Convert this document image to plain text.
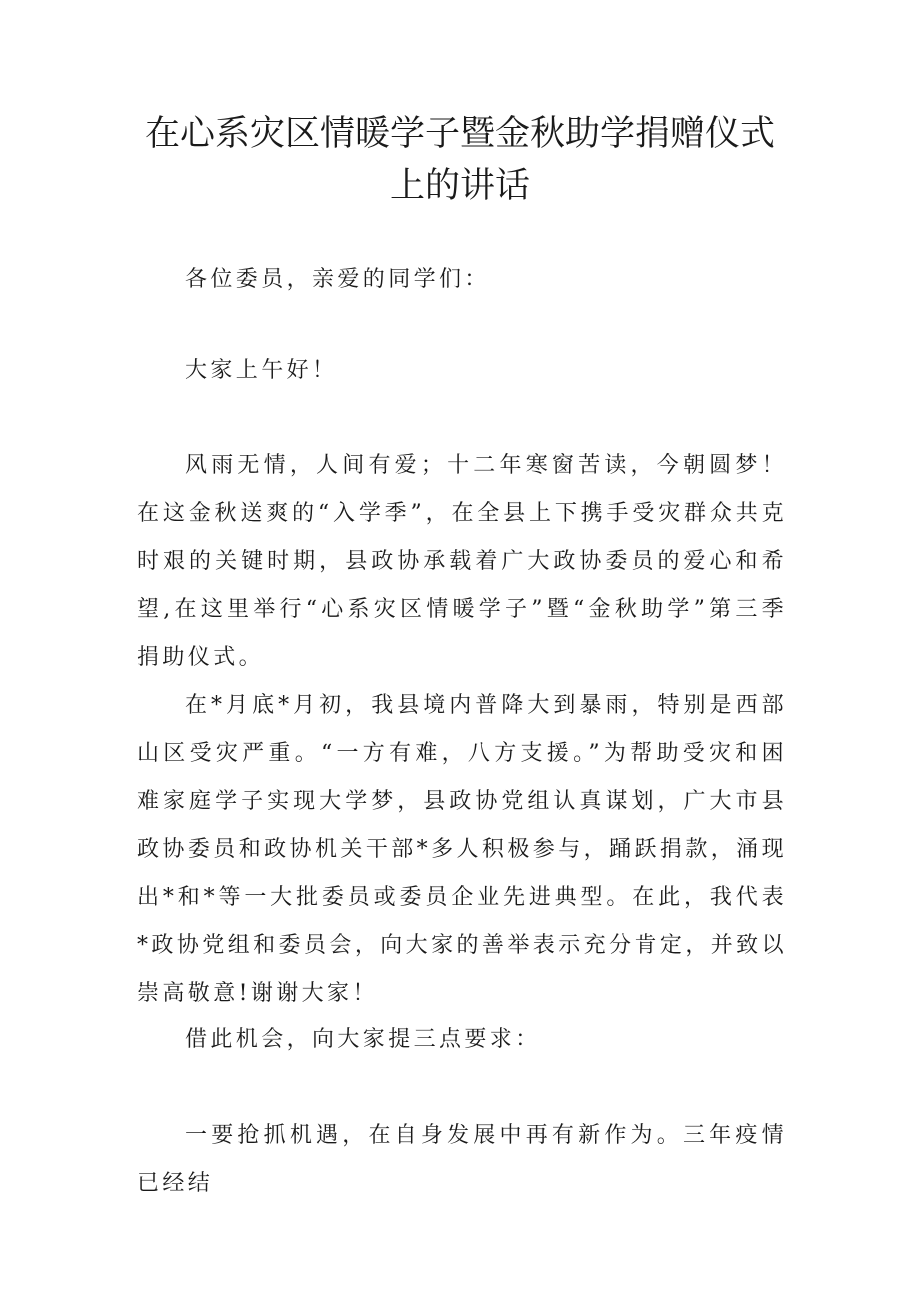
在心系灾区情暖学子暨金秋助学捐赠仪式
上的讲话

各位委员，亲爱的同学们：

大家上午好！

风雨无情，人间有爱；十二年寒窗苦读，今朝圆梦！在这金秋送爽的“入学季”，在全县上下携手受灾群众共克时艰的关键时期，县政协承载着广大政协委员的爱心和希望,在这里举行“心系灾区情暖学子”暨“金秋助学”第三季捐助仪式。

在*月底*月初，我县境内普降大到暴雨，特别是西部山区受灾严重。“一方有难，八方支援。”为帮助受灾和困难家庭学子实现大学梦，县政协党组认真谋划，广大市县政协委员和政协机关干部*多人积极参与，踊跃捐款，涌现出*和*等一大批委员或委员企业先进典型。在此，我代表*政协党组和委员会，向大家的善举表示充分肯定，并致以崇高敬意!谢谢大家！

借此机会，向大家提三点要求：

一要抢抓机遇，在自身发展中再有新作为。三年疫情已经结
